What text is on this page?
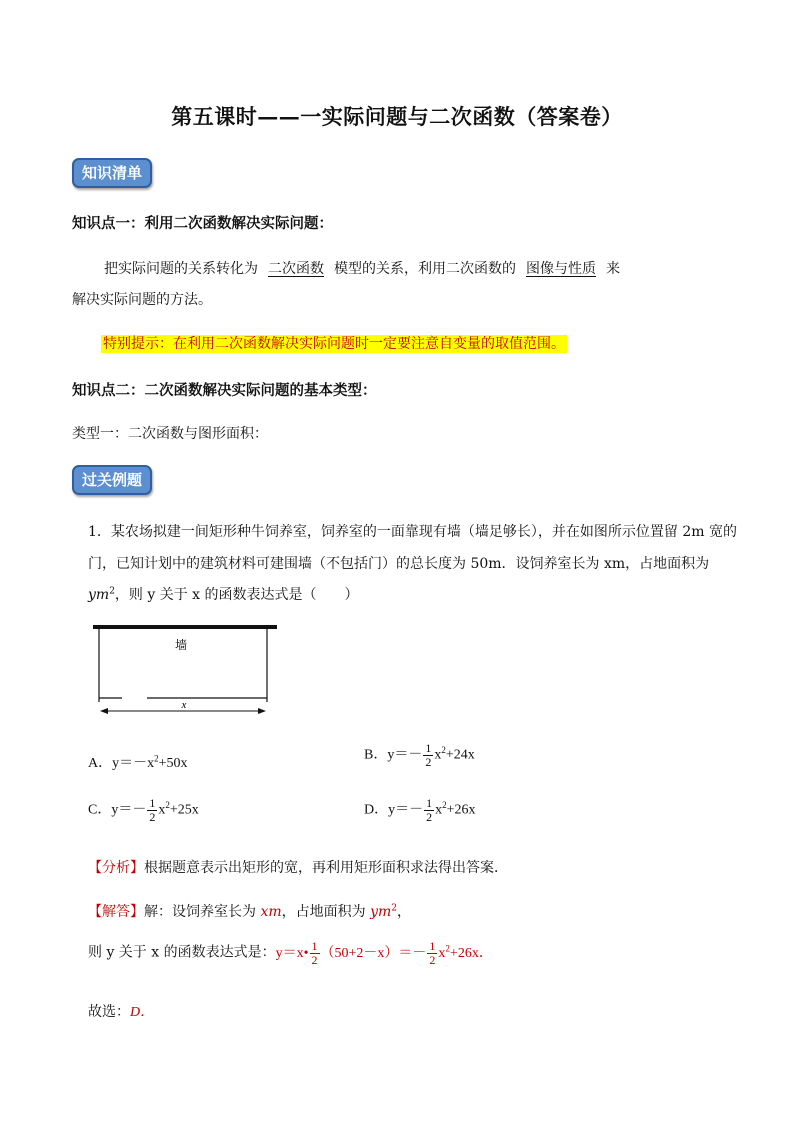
第五课时——一实际问题与二次函数（答案卷）
知识清单
知识点一：利用二次函数解决实际问题：
把实际问题的关系转化为 二次函数 模型的关系，利用二次函数的 图像与性质 来
解决实际问题的方法。
特别提示：在利用二次函数解决实际问题时一定要注意自变量的取值范围。
知识点二：二次函数解决实际问题的基本类型：
类型一：二次函数与图形面积：
过关例题
1．某农场拟建一间矩形种牛饲养室，饲养室的一面靠现有墙（墙足够长），并在如图所示位置留 2m 宽的
门，已知计划中的建筑材料可建围墙（不包括门）的总长度为 50m．设饲养室长为 xm，占地面积为
$ym^2$，则 y 关于 x 的函数表达式是（　　）
墙
x
A．$y=-x^2+50x$
B．$y=- \frac{1}{2} x^2+24x$
C．$y=- \frac{1}{2} x^2+25x$	D．$y=- \frac{1}{2} x^2+26x$
【分析】根据题意表示出矩形的宽，再利用矩形面积求法得出答案．
【解答】解：设饲养室长为 xm，占地面积为 $ym^2$，
则 y 关于 x 的函数表达式是：y＝x• $\frac{1}{2} (50+2-x)=- \frac{1}{2} x^2+26x$．
故选：D．
